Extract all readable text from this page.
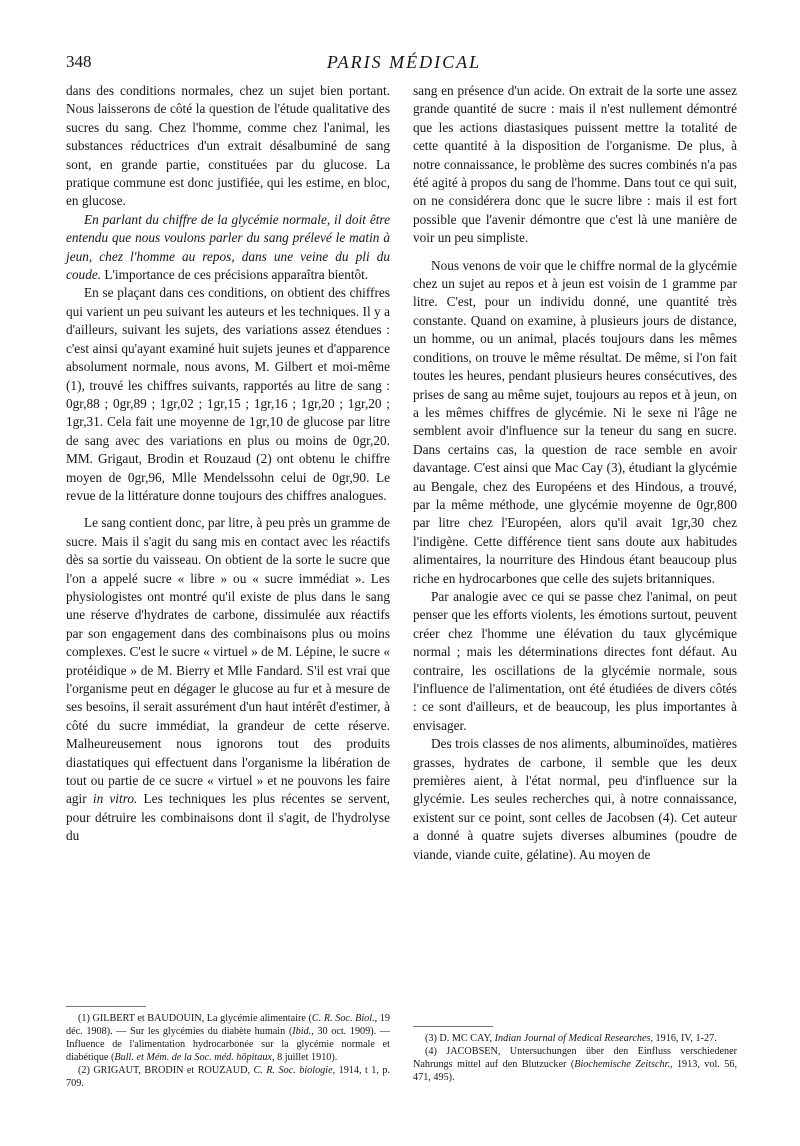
348	PARIS MÉDICAL

dans des conditions normales, chez un sujet bien portant. Nous laisserons de côté la question de l'étude qualitative des sucres du sang. Chez l'homme, comme chez l'animal, les substances réductrices d'un extrait désalbuminé de sang sont, en grande partie, constituées par du glucose. La pratique commune est donc justifiée, qui les estime, en bloc, en glucose.

En parlant du chiffre de la glycémie normale, il doit être entendu que nous voulons parler du sang prélevé le matin à jeun, chez l'homme au repos, dans une veine du pli du coude. L'importance de ces précisions apparaîtra bientôt.

En se plaçant dans ces conditions, on obtient des chiffres qui varient un peu suivant les auteurs et les techniques. Il y a d'ailleurs, suivant les sujets, des variations assez étendues : c'est ainsi qu'ayant examiné huit sujets jeunes et d'apparence absolument normale, nous avons, M. Gilbert et moi-même (1), trouvé les chiffres suivants, rapportés au litre de sang : 0gr,88 ; 0gr,89 ; 1gr,02 ; 1gr,15 ; 1gr,16 ; 1gr,20 ; 1gr,20 ; 1gr,31. Cela fait une moyenne de 1gr,10 de glucose par litre de sang avec des variations en plus ou moins de 0gr,20. MM. Grigaut, Brodin et Rouzaud (2) ont obtenu le chiffre moyen de 0gr,96, Mlle Mendelssohn celui de 0gr,90. Le revue de la littérature donne toujours des chiffres analogues.

Le sang contient donc, par litre, à peu près un gramme de sucre. Mais il s'agit du sang mis en contact avec les réactifs dès sa sortie du vaisseau. On obtient de la sorte le sucre que l'on a appelé sucre « libre » ou « sucre immédiat ». Les physiologistes ont montré qu'il existe de plus dans le sang une réserve d'hydrates de carbone, dissimulée aux réactifs par son engagement dans des combinaisons plus ou moins complexes. C'est le sucre « virtuel » de M. Lépine, le sucre « protéidique » de M. Bierry et Mlle Fandard. S'il est vrai que l'organisme peut en dégager le glucose au fur et à mesure de ses besoins, il serait assurément d'un haut intérêt d'estimer, à côté du sucre immédiat, la grandeur de cette réserve. Malheureusement nous ignorons tout des produits diastatiques qui effectuent dans l'organisme la libération de tout ou partie de ce sucre « virtuel » et ne pouvons les faire agir in vitro. Les techniques les plus récentes se servent, pour détruire les combinaisons dont il s'agit, de l'hydrolyse du

sang en présence d'un acide. On extrait de la sorte une assez grande quantité de sucre : mais il n'est nullement démontré que les actions diastasiques puissent mettre la totalité de cette quantité à la disposition de l'organisme. De plus, à notre connaissance, le problème des sucres combinés n'a pas été agité à propos du sang de l'homme. Dans tout ce qui suit, on ne considérera donc que le sucre libre : mais il est fort possible que l'avenir démontre que c'est là une manière de voir un peu simpliste.

Nous venons de voir que le chiffre normal de la glycémie chez un sujet au repos et à jeun est voisin de 1 gramme par litre. C'est, pour un individu donné, une quantité très constante. Quand on examine, à plusieurs jours de distance, un homme, ou un animal, placés toujours dans les mêmes conditions, on trouve le même résultat. De même, si l'on fait toutes les heures, pendant plusieurs heures consécutives, des prises de sang au même sujet, toujours au repos et à jeun, on a les mêmes chiffres de glycémie. Ni le sexe ni l'âge ne semblent avoir d'influence sur la teneur du sang en sucre. Dans certains cas, la question de race semble en avoir davantage. C'est ainsi que Mac Cay (3), étudiant la glycémie au Bengale, chez des Européens et des Hindous, a trouvé, par la même méthode, une glycémie moyenne de 0gr,800 par litre chez l'Européen, alors qu'il avait 1gr,30 chez l'indigène. Cette différence tient sans doute aux habitudes alimentaires, la nourriture des Hindous étant beaucoup plus riche en hydrocarbones que celle des sujets britanniques.

Par analogie avec ce qui se passe chez l'animal, on peut penser que les efforts violents, les émotions surtout, peuvent créer chez l'homme une élévation du taux glycémique normal ; mais les déterminations directes font défaut. Au contraire, les oscillations de la glycémie normale, sous l'influence de l'alimentation, ont été étudiées de divers côtés : ce sont d'ailleurs, et de beaucoup, les plus importantes à envisager.

Des trois classes de nos aliments, albuminoïdes, matières grasses, hydrates de carbone, il semble que les deux premières aient, à l'état normal, peu d'influence sur la glycémie. Les seules recherches qui, à notre connaissance, existent sur ce point, sont celles de Jacobsen (4). Cet auteur a donné à quatre sujets diverses albumines (poudre de viande, viande cuite, gélatine). Au moyen de

(1) GILBERT et BAUDOUIN, La glycémie alimentaire (C. R. Soc. Biol., 19 déc. 1908). — Sur les glycémies du diabète humain (Ibid., 30 oct. 1909). — Influence de l'alimentation hydrocarbonée sur la glycémie normale et diabétique (Bull. et Mém. de la Soc. méd. hôpitaux, 8 juillet 1910).

(2) GRIGAUT, BRODIN et ROUZAUD, C. R. Soc. biologie, 1914, t 1, p. 709.

(3) D. MC CAY, Indian Journal of Medical Researches, 1916, IV, 1-27.

(4) JACOBSEN, Untersuchungen über den Einfluss verschiedener Nahrungs mittel auf den Blutzucker (Biochemische Zeitschr., 1913, vol. 56, 471, 495).
